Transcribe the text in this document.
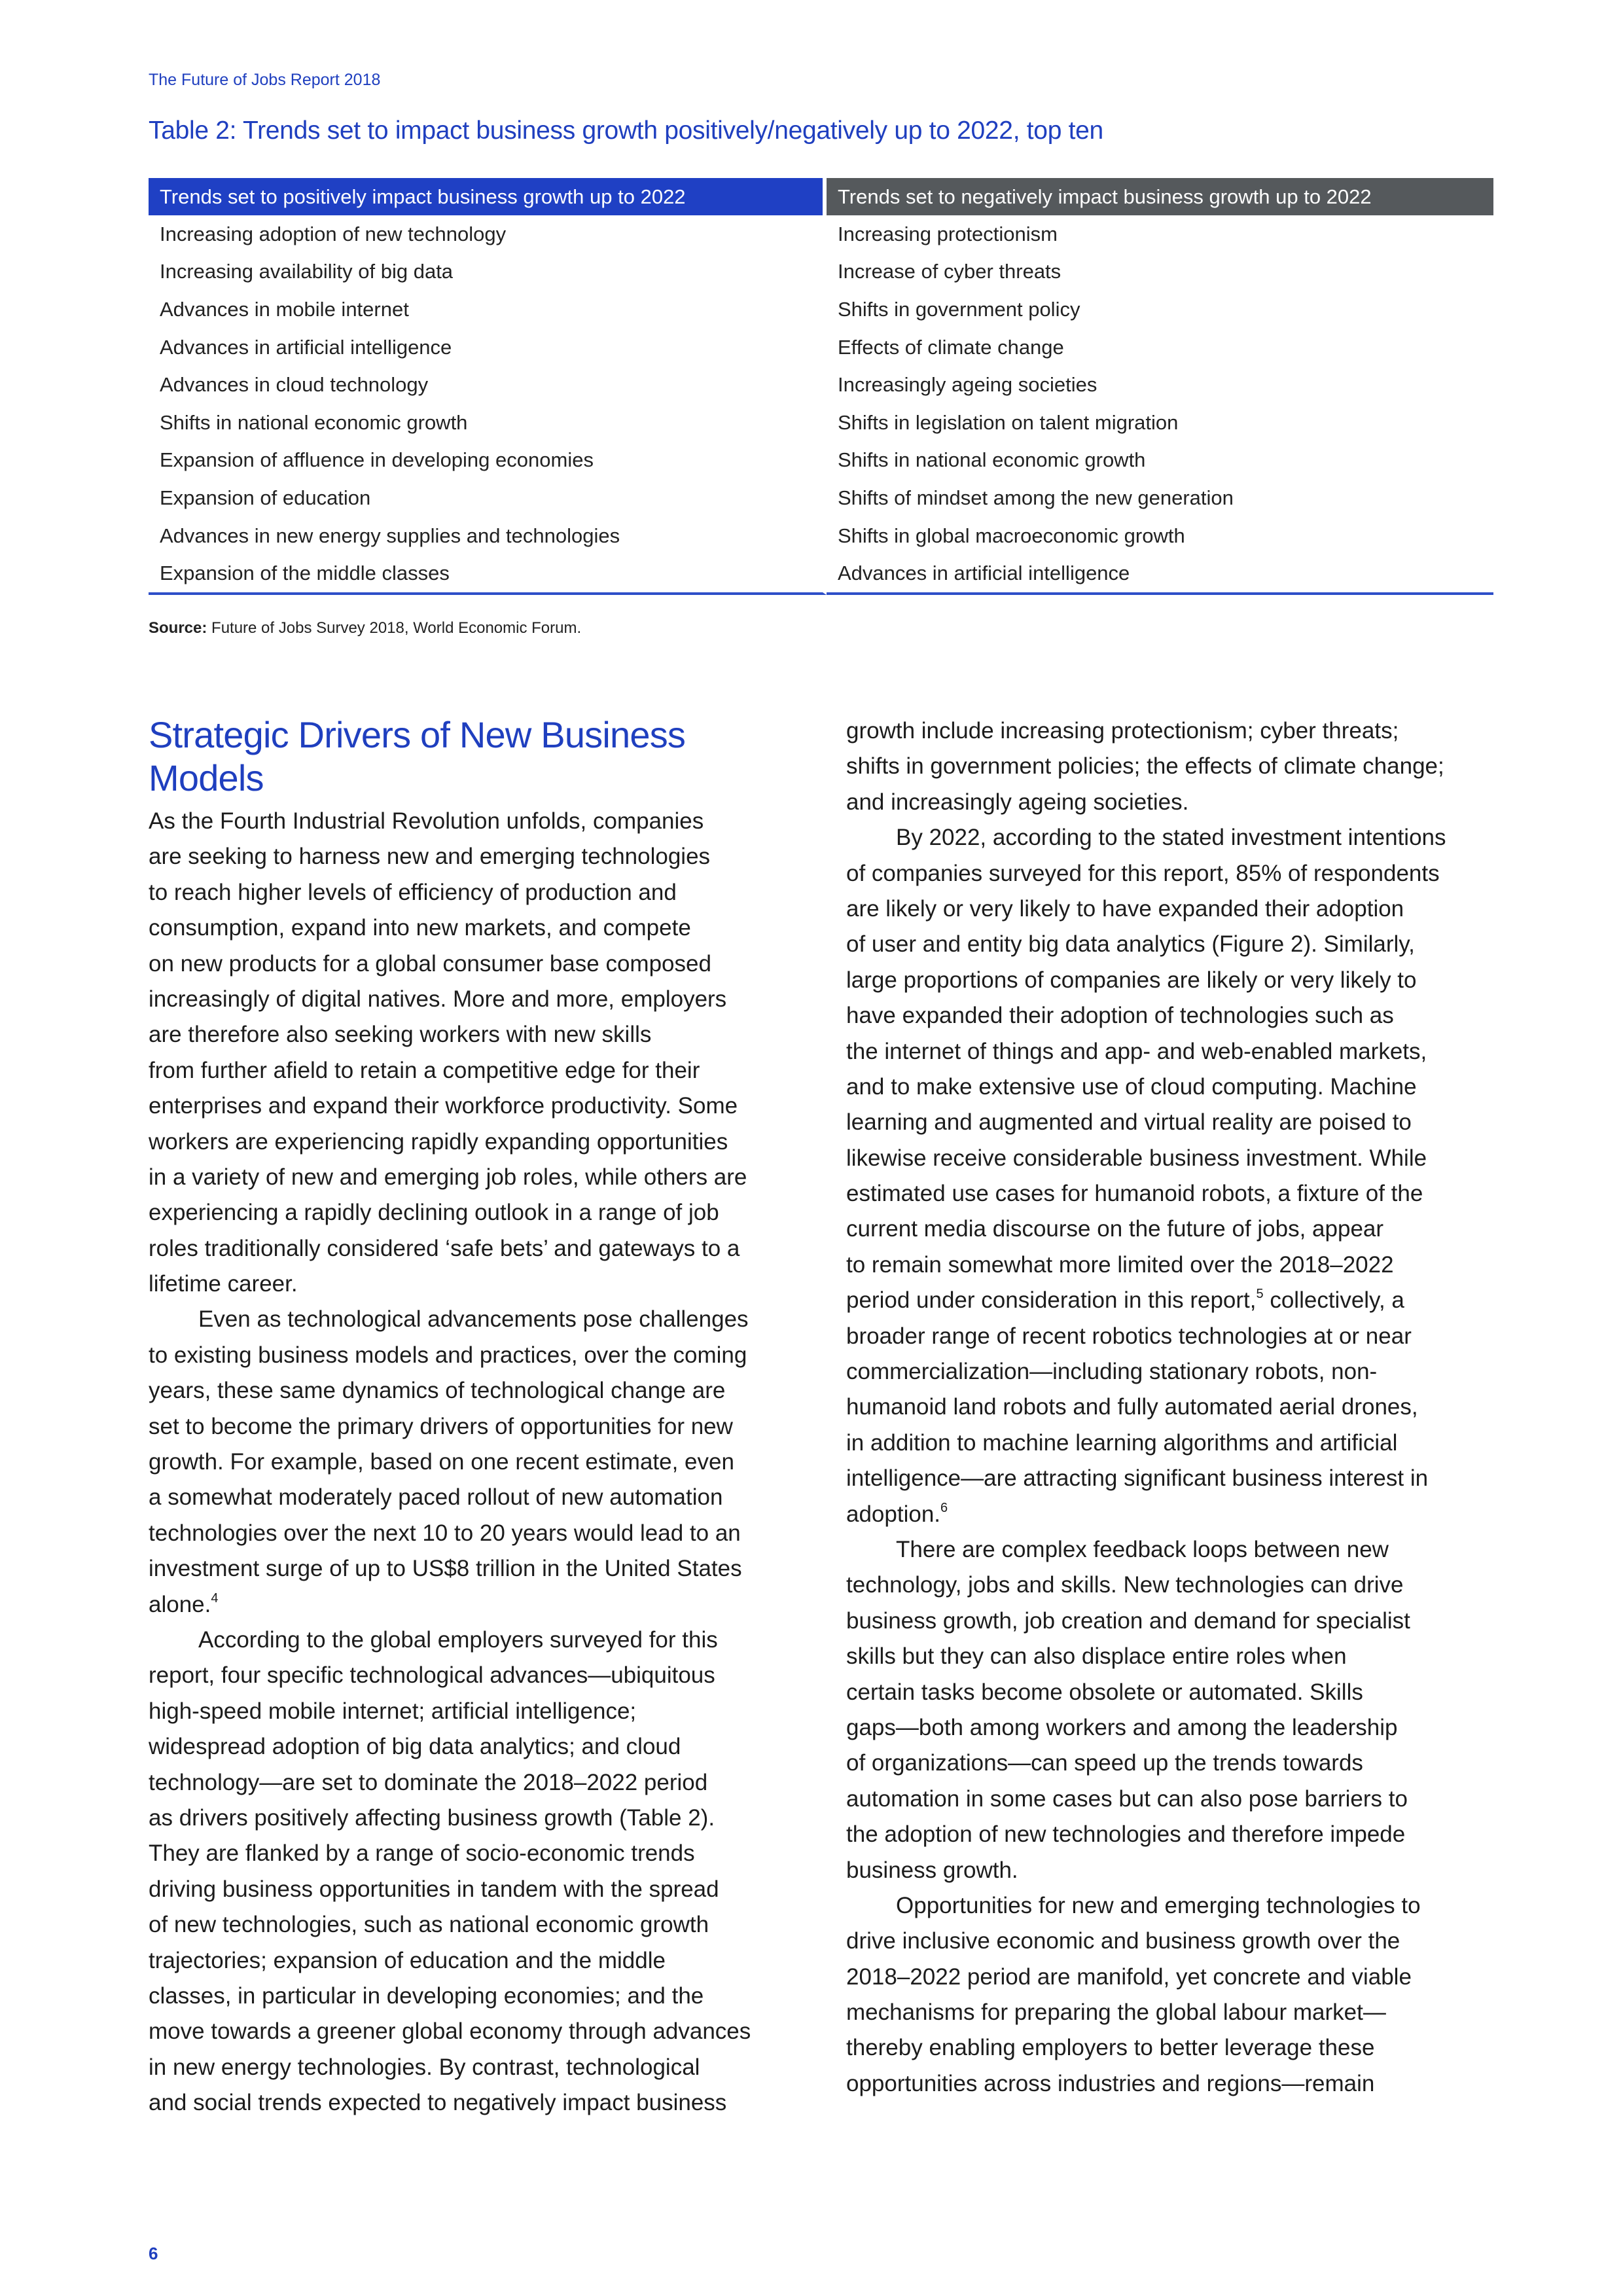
The Future of Jobs Report 2018
Table 2: Trends set to impact business growth positively/negatively up to 2022, top ten
Trends set to positively impact business growth up to 2022	Trends set to negatively impact business growth up to 2022
Increasing adoption of new technology	Increasing protectionism
Increasing availability of big data	Increase of cyber threats
Advances in mobile internet	Shifts in government policy
Advances in artificial intelligence	Effects of climate change
Advances in cloud technology	Increasingly ageing societies
Shifts in national economic growth	Shifts in legislation on talent migration
Expansion of affluence in developing economies	Shifts in national economic growth
Expansion of education	Shifts of mindset among the new generation
Advances in new energy supplies and technologies	Shifts in global macroeconomic growth
Expansion of the middle classes	Advances in artificial intelligence
Source: Future of Jobs Survey 2018, World Economic Forum.
Strategic Drivers of New Business Models
As the Fourth Industrial Revolution unfolds, companies
are seeking to harness new and emerging technologies
to reach higher levels of efficiency of production and
consumption, expand into new markets, and compete
on new products for a global consumer base composed
increasingly of digital natives. More and more, employers
are therefore also seeking workers with new skills
from further afield to retain a competitive edge for their
enterprises and expand their workforce productivity. Some
workers are experiencing rapidly expanding opportunities
in a variety of new and emerging job roles, while others are
experiencing a rapidly declining outlook in a range of job
roles traditionally considered ‘safe bets’ and gateways to a
lifetime career.
Even as technological advancements pose challenges
to existing business models and practices, over the coming
years, these same dynamics of technological change are
set to become the primary drivers of opportunities for new
growth. For example, based on one recent estimate, even
a somewhat moderately paced rollout of new automation
technologies over the next 10 to 20 years would lead to an
investment surge of up to US$8 trillion in the United States
alone.$^4$
According to the global employers surveyed for this
report, four specific technological advances—ubiquitous
high-speed mobile internet; artificial intelligence;
widespread adoption of big data analytics; and cloud
technology—are set to dominate the 2018–2022 period
as drivers positively affecting business growth (Table 2).
They are flanked by a range of socio-economic trends
driving business opportunities in tandem with the spread
of new technologies, such as national economic growth
trajectories; expansion of education and the middle
classes, in particular in developing economies; and the
move towards a greener global economy through advances
in new energy technologies. By contrast, technological
and social trends expected to negatively impact business
growth include increasing protectionism; cyber threats;
shifts in government policies; the effects of climate change;
and increasingly ageing societies.
By 2022, according to the stated investment intentions
of companies surveyed for this report, 85% of respondents
are likely or very likely to have expanded their adoption
of user and entity big data analytics (Figure 2). Similarly,
large proportions of companies are likely or very likely to
have expanded their adoption of technologies such as
the internet of things and app- and web-enabled markets,
and to make extensive use of cloud computing. Machine
learning and augmented and virtual reality are poised to
likewise receive considerable business investment. While
estimated use cases for humanoid robots, a fixture of the
current media discourse on the future of jobs, appear
to remain somewhat more limited over the 2018–2022
period under consideration in this report,$^5$ collectively, a
broader range of recent robotics technologies at or near
commercialization—including stationary robots, non-
humanoid land robots and fully automated aerial drones,
in addition to machine learning algorithms and artificial
intelligence—are attracting significant business interest in
adoption.$^6$
There are complex feedback loops between new
technology, jobs and skills. New technologies can drive
business growth, job creation and demand for specialist
skills but they can also displace entire roles when
certain tasks become obsolete or automated. Skills
gaps—both among workers and among the leadership
of organizations—can speed up the trends towards
automation in some cases but can also pose barriers to
the adoption of new technologies and therefore impede
business growth.
Opportunities for new and emerging technologies to
drive inclusive economic and business growth over the
2018–2022 period are manifold, yet concrete and viable
mechanisms for preparing the global labour market—
thereby enabling employers to better leverage these
opportunities across industries and regions—remain
6
